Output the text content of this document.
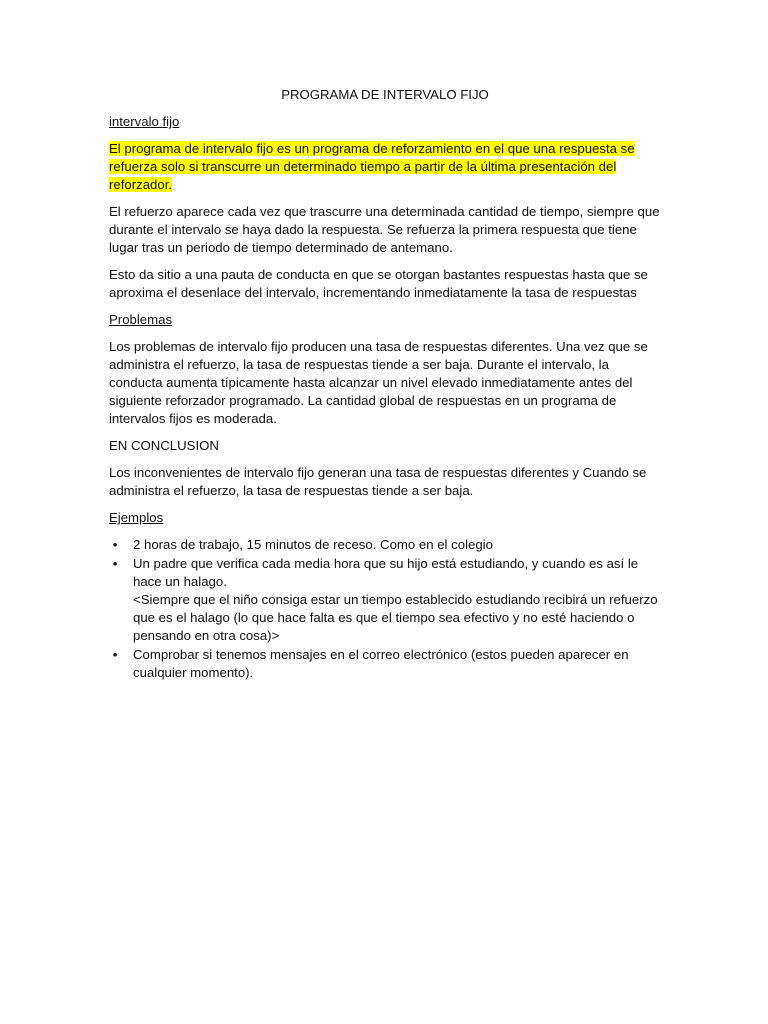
PROGRAMA DE INTERVALO FIJO
intervalo fijo

El programa de intervalo fijo es un programa de reforzamiento en el que una respuesta se refuerza solo si transcurre un determinado tiempo a partir de la última presentación del reforzador.

El refuerzo aparece cada vez que trascurre una determinada cantidad de tiempo, siempre que durante el intervalo se haya dado la respuesta. Se refuerza la primera respuesta que tiene lugar tras un periodo de tiempo determinado de antemano.

Esto da sitio a una pauta de conducta en que se otorgan bastantes respuestas hasta que se aproxima el desenlace del intervalo, incrementando inmediatamente la tasa de respuestas

Problemas

Los problemas de intervalo fijo producen una tasa de respuestas diferentes. Una vez que se administra el refuerzo, la tasa de respuestas tiende a ser baja. Durante el intervalo, la conducta aumenta típicamente hasta alcanzar un nivel elevado inmediatamente antes del siguiente reforzador programado. La cantidad global de respuestas en un programa de intervalos fijos es moderada.

EN CONCLUSION

Los inconvenientes de intervalo fijo generan una tasa de respuestas diferentes y Cuando se administra el refuerzo, la tasa de respuestas tiende a ser baja.

Ejemplos
•	2 horas de trabajo, 15 minutos de receso. Como en el colegio
•	Un padre que verifica cada media hora que su hijo está estudiando, y cuando es así le hace un halago.
<Siempre que el niño consiga estar un tiempo establecido estudiando recibirá un refuerzo que es el halago (lo que hace falta es que el tiempo sea efectivo y no esté haciendo o pensando en otra cosa)>
•	Comprobar si tenemos mensajes en el correo electrónico (estos pueden aparecer en cualquier momento).
